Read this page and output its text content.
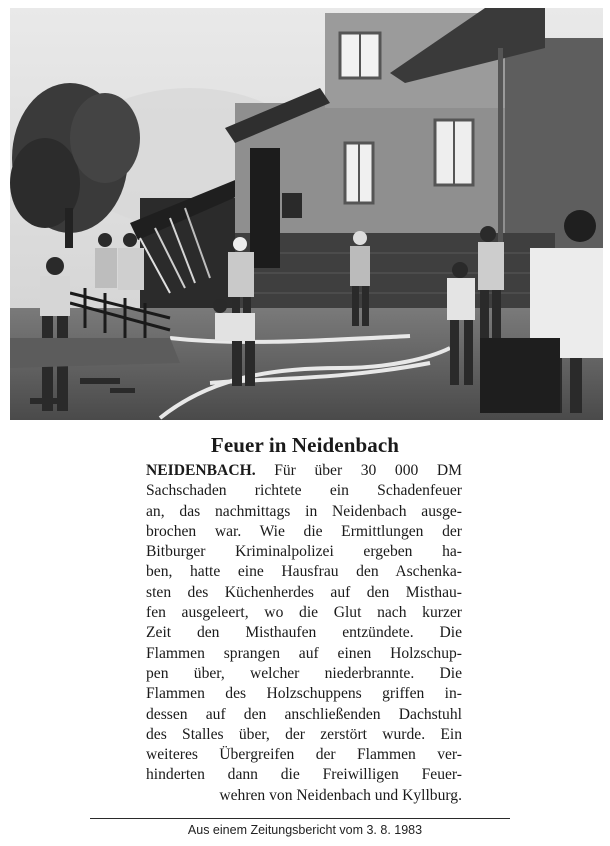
Feuer in Neidenbach
NEIDENBACH. Für über 30 000 DM
Sachschaden richtete ein Schadenfeuer
an, das nachmittags in Neidenbach ausge-
brochen war. Wie die Ermittlungen der
Bitburger Kriminalpolizei ergeben ha-
ben, hatte eine Hausfrau den Aschenka-
sten des Küchenherdes auf den Misthau-
fen ausgeleert, wo die Glut nach kurzer
Zeit den Misthaufen entzündete. Die
Flammen sprangen auf einen Holzschup-
pen über, welcher niederbrannte. Die
Flammen des Holzschuppens griffen in-
dessen auf den anschließenden Dachstuhl
des Stalles über, der zerstört wurde. Ein
weiteres Übergreifen der Flammen ver-
hinderten dann die Freiwilligen Feuer-
wehren von Neidenbach und Kyllburg.
Aus einem Zeitungsbericht vom 3. 8. 1983
